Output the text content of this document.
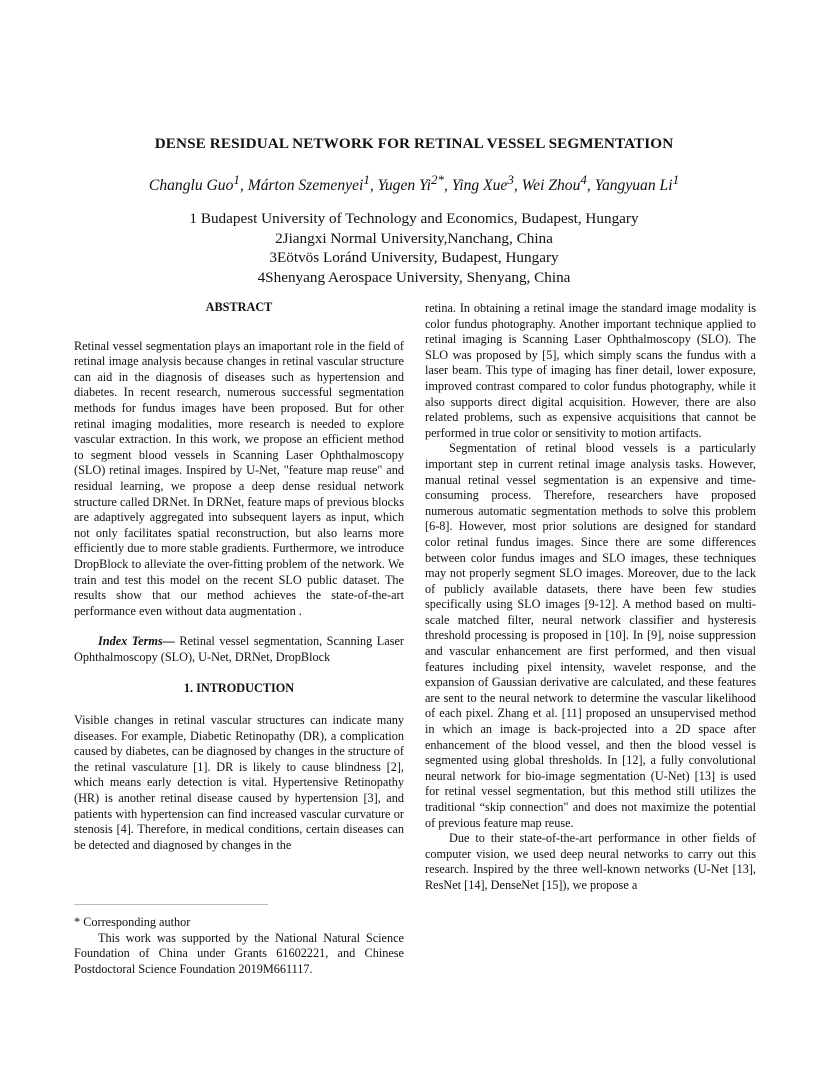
DENSE RESIDUAL NETWORK FOR RETINAL VESSEL SEGMENTATION
Changlu Guo$^1$, Márton Szemenyei$^1$, Yugen $Yi^{2*}$, Ying Xue$^3$, Wei Zhou$^4$, Yangyuan Li$^1$
1 Budapest University of Technology and Economics, Budapest, Hungary
2Jiangxi Normal University,Nanchang, China
3Eötvös Loránd University, Budapest, Hungary
4Shenyang Aerospace University, Shenyang, China
ABSTRACT

Retinal vessel segmentation plays an imaportant role in the field of retinal image analysis because changes in retinal vascular structure can aid in the diagnosis of diseases such as hypertension and diabetes. In recent research, numerous successful segmentation methods for fundus images have been proposed. But for other retinal imaging modalities, more research is needed to explore vascular extraction. In this work, we propose an efficient method to segment blood vessels in Scanning Laser Ophthalmoscopy (SLO) retinal images. Inspired by U-Net, "feature map reuse" and residual learning, we propose a deep dense residual network structure called DRNet. In DRNet, feature maps of previous blocks are adaptively aggregated into subsequent layers as input, which not only facilitates spatial reconstruction, but also learns more efficiently due to more stable gradients. Furthermore, we introduce DropBlock to alleviate the over-fitting problem of the network. We train and test this model on the recent SLO public dataset. The results show that our method achieves the state-of-the-art performance even without data augmentation .

Index Terms— Retinal vessel segmentation, Scanning Laser Ophthalmoscopy (SLO), U-Net, DRNet, DropBlock

1. INTRODUCTION

Visible changes in retinal vascular structures can indicate many diseases. For example, Diabetic Retinopathy (DR), a complication caused by diabetes, can be diagnosed by changes in the structure of the retinal vasculature [1]. DR is likely to cause blindness [2], which means early detection is vital. Hypertensive Retinopathy (HR) is another retinal disease caused by hypertension [3], and patients with hypertension can find increased vascular curvature or stenosis [4]. Therefore, in medical conditions, certain diseases can be detected and diagnosed by changes in the

* Corresponding author

This work was supported by the National Natural Science Foundation of China under Grants 61602221, and Chinese Postdoctoral Science Foundation 2019M661117.

retina. In obtaining a retinal image the standard image modality is color fundus photography. Another important technique applied to retinal imaging is Scanning Laser Ophthalmoscopy (SLO). The SLO was proposed by [5], which simply scans the fundus with a laser beam. This type of imaging has finer detail, lower exposure, improved contrast compared to color fundus photography, while it also supports direct digital acquisition. However, there are also related problems, such as expensive acquisitions that cannot be performed in true color or sensitivity to motion artifacts.

Segmentation of retinal blood vessels is a particularly important step in current retinal image analysis tasks. However, manual retinal vessel segmentation is an expensive and time-consuming process. Therefore, researchers have proposed numerous automatic segmentation methods to solve this problem [6-8]. However, most prior solutions are designed for standard color retinal fundus images. Since there are some differences between color fundus images and SLO images, these techniques may not properly segment SLO images. Moreover, due to the lack of publicly available datasets, there have been few studies specifically using SLO images [9-12]. A method based on multi-scale matched filter, neural network classifier and hysteresis threshold processing is proposed in [10]. In [9], noise suppression and vascular enhancement are first performed, and then visual features including pixel intensity, wavelet response, and the expansion of Gaussian derivative are calculated, and these features are sent to the neural network to determine the vascular likelihood of each pixel. Zhang et al. [11] proposed an unsupervised method in which an image is back-projected into a 2D space after enhancement of the blood vessel, and then the blood vessel is segmented using global thresholds. In [12], a fully convolutional neural network for bio-image segmentation (U-Net) [13] is used for retinal vessel segmentation, but this method still utilizes the traditional “skip connection" and does not maximize the potential of previous feature map reuse.

Due to their state-of-the-art performance in other fields of computer vision, we used deep neural networks to carry out this research. Inspired by the three well-known networks (U-Net [13], ResNet [14], DenseNet [15]), we propose a
